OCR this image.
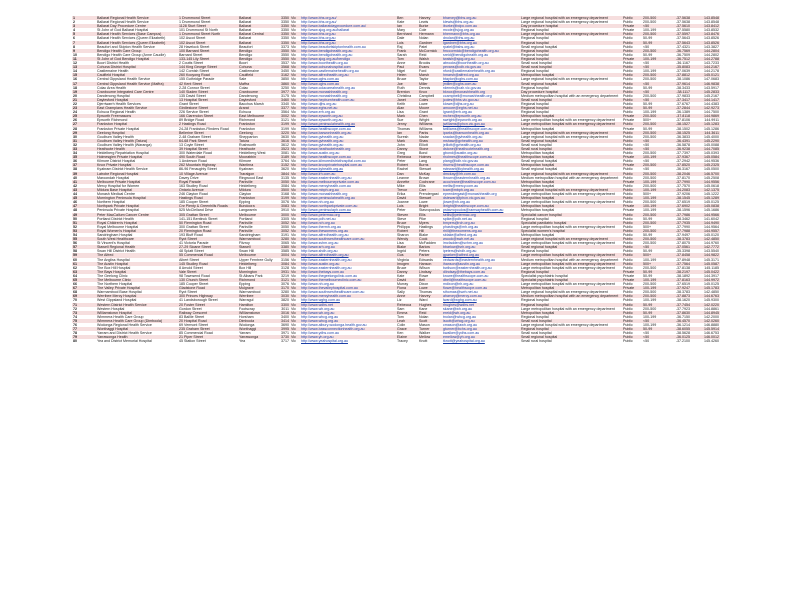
1	Ballarat Regional Health Service	1 Drummond Street	Ballarat	3350	Vic	http://www.bhs.org.au/	Ben	Harvey	bharvey@bhs.org.au	Large regional hospital with an emergency department	Public	200-500	-37.5638	143.8548
2	Ballarat Regional Health Service	1 Drummond Street	Ballarat	3350	Vic	http://www.bhs.org.au/	Kate	Lewis	klewis@bhs.org.au	Large regional hospital with an emergency department	Public	200-500	-37.5638	143.8548
3	Ballarat Day Procedure Centre	1128 Sturt Street	Ballarat	3350	Vic	http://www.ballaratdayprocedure.com.au/	Ian	Burke	iburke@bdpc.com.au	Day procedure hospital	Private	<50	-37.5610	143.8412
4	St John of God Ballarat Hospital	101 Drummond St North	Ballarat	3350	Vic	http://www.sjog.org.au/ballarat	Mary	Cole	mcole@sjog.org.au	Regional hospital	Private	100-199	-37.5580	143.8532
5	Ballarat Health Services (Base Campus)	1 Drummond Street North	Ballarat Central	3350	Vic	http://www.bhs.org.au	Bernhard	Hermann	bhermann@bhs.org.au	Large regional hospital with an emergency department	Public	200-500	-37.5597	143.8476
6	Ballarat Health Services (Queen Elizabeth)	102 Ascot Street	Ballarat	3350	Vic	http://www.bhs.org.au	Dale	Nolan	dnolan@bhs.org.au	Regional hospital	Public	50-99	-37.5643	143.8526
7	Ballarat Health Services (Queen Elizabeth)	102 Ascot Street	Ballarat	3350	Vic	http://www.bhs.org.au	Lois	Gardner	lgardner@bhs.org.au	Regional hospital	Public	50-99	-37.5643	143.8526
8	Beaufort and Skipton Health Service	28 Havelock Street	Beaufort	3373	Vic	http://www.beaufortskiptonhealth.com.au	Raj	Patel	rpatel@bshs.org.au	Small regional hospital	Public	<50	-37.4321	143.3827
9	Bendigo Health Care Group	100 Barnard Street	Bendigo	3550	Vic	http://www.bendigohealth.org.au	Frank	McCormick	fmccormick@bendigohealth.org.au	Regional hospital	Public	200-500	-36.7569	144.2804
10	Bendigo Health Care Group (Anne Caudle)	Barnard Street	Bendigo	3550	Vic	http://www.bendigohealth.org.au	Sarah	Reid	sreid@bendigohealth.org.au	Regional hospital	Public	50-99	-36.7509	144.2802
11	St John of God Bendigo Hospital	133-145 Lily Street	Bendigo	3550	Vic	http://www.sjog.org.au/bendigo	Tom	Walsh	twalsh@sjog.org.au	Regional hospital	Private	100-199	-36.7512	144.2788
12	Boort District Health	2 Coutts Street	Boort	3537	Vic	http://www.boorthealth.org.au	Anne	Brooks	abrooks@boorthealth.org.au	Small rural hospital	Public	<50	-36.1167	143.7233
13	Cohuna District Hospital	144 King George Street	Cohuna	3568	Vic	http://www.cohunahospital.com	Paul	Evans	pevans@cdh.vic.gov.au	Small rural hospital	Public	<50	-35.8083	144.2167
14	Castlemaine Health	142 Cornish Street	Castlemaine	3450	Vic	http://www.castlemainehealth.org.au	Nigel	Ford	nford@castlemainehealth.org.au	Regional hospital	Public	100-199	-37.0639	144.2178
15	Caulfield Hospital	260 Kooyong Road	Caulfield	3162	Vic	http://www.alfredhealth.org.au	Helen	Marsh	hmarsh@alfred.org.au	Metropolitan hospital	Public	200-500	-37.8812	145.0121
16	Central Gippsland Health Service	155 Guthridge Parade	Sale	3850	Vic	http://www.cghs.com.au	Bruce	Taylor	btaylor@cghs.com.au	Large regional hospital with an emergency department	Public	200-500	-38.1086	147.0683
17	Central Gippsland Health Service (Maffra)	42 Kent Street	Maffra	3860	Vic	http://www.cghs.com.au	Joe	Miller	jmiller@cghs.com.au	Small regional hospital	Public	<50	-37.9614	146.9838
18	Colac Area Health	2-28 Connor Street	Colac	3250	Vic	http://www.colacareahealth.org.au	Ruth	Dennis	rdennis@cah.vic.gov.au	Regional hospital	Public	50-99	-38.3433	143.5917
19	Cranbourne Integrated Care Centre	140 Sladen Street	Cranbourne	3977	Vic	http://www.monashhealth.org	Brenton	Knox	bknox@monashhealth.org	Day procedure hospital	Public	<50	-38.1117	145.2833
20	Dandenong Hospital	135 David Street	Dandenong	3175	Vic	http://www.monashhealth.org	Christina	Campbell	ccampbell@monashhealth.org	Medium metropolitan hospital with an emergency department	Public	200-500	-37.9833	145.2167
21	Daylesford Hospital	13 Hospital Street	Daylesford	3460	Vic	http://www.hepburnhealth.com.au	Janet	Coles	jcoles@hhs.vic.gov.au	Small rural hospital	Public	<50	-37.3417	144.1417
22	Djerriwarrh Health Services	Grant Street	Bacchus Marsh	3340	Vic	http://www.djhs.org.au	Keith	Lowe	klowe@djhs.org.au	Regional hospital	Public	50-99	-37.6767	144.4383
23	East Grampians Health Service	Girdlestone Street	Ararat	3377	Vic	http://www.eghs.net.au	Alan	Moore	amoore@eghs.net.au	Regional hospital	Public	50-99	-37.2844	142.9273
24	Echuca Regional Health	226 Service Street	Echuca	3564	Vic	http://www.erh.org.au	Lisa	Grant	lgrant@erh.org.au	Regional hospital	Public	100-199	-36.1389	144.7500
25	Epworth Freemasons	166 Clarendon Street	East Melbourne	3002	Vic	http://www.epworth.org.au	Mark	Chen	mchen@epworth.org.au	Metropolitan hospital	Private	200-500	-37.8118	144.9869
26	Epworth Richmond	89 Bridge Road	Richmond	3121	Vic	http://www.epworth.org.au	Sue	Wright	swright@epworth.org.au	Large metropolitan hospital with an emergency department	Private	500+	-37.8106	144.9911
27	Frankston Hospital	2 Hastings Road	Frankston	3199	Vic	http://www.peninsulahealth.org.au	Jenny	Williams	jwilliams@phcn.vic.gov.au	Large metropolitan hospital with an emergency department	Public	200-500	-38.1527	145.1283
28	Frankston Private Hospital	24-28 Frankston-Flinders Road	Frankston	3199	Vic	http://www.healthscope.com.au	Thomas	Williams	twilliams@healthscope.com.au	Metropolitan hospital	Private	50-99	-38.1502	145.1286
29	Geelong Hospital	Bellerine Street	Geelong	3220	Vic	http://www.barwonhealth.org.au	Ian	Parks	iparks@barwonhealth.org.au	Large regional hospital with an emergency department	Public	200-500	-38.1525	144.3611
30	Goulburn Valley Health	2-48 Graham Street	Shepparton	3630	Vic	http://www.gvhealth.org.au	Suresh	Nadar	snadar@gvhealth.org.au	Large regional hospital with an emergency department	Public	200-500	-36.3833	145.4000
31	Goulburn Valley Health (Tatura)	64-68 Park Street	Tatura	3616	Vic	http://www.gvhealth.org.au	Mark	Shaw	mshaw@gvhealth.org.au	Small regional hospital	Public	<50	-36.4391	145.2290
32	Goulburn Valley Health (Waranga)	13 Coyle Street	Rushworth	3612	Vic	http://www.gvhealth.org.au	John	Elliott	jelliott@gvhealth.org.au	Small rural hospital	Public	<50	-36.5878	145.0088
33	Heathcote Health	39 Hospital Street	Heathcote	3523	Vic	http://www.heathcotehealth.org	Danny	Stone	dstone@heathcotehealth.org	Small rural hospital	Public	<50	-36.9238	144.7085
34	Heidelberg Repatriation Hospital	300 Waterdale Road	Heidelberg West	3081	Vic	http://www.austin.org.au	Greg	Bond	gbond@austin.org.au	Metropolitan hospital	Public	200-500	-37.7397	145.0393
35	Holmesglen Private Hospital	490 South Road	Moorabbin	3189	Vic	http://www.healthscope.com.au	Rebecca	Holmes	rholmes@healthscope.com.au	Metropolitan hospital	Private	100-199	-37.9367	145.0584
36	Kilmore District Hospital	1 Anderson Road	Kilmore	3764	Vic	http://www.kilmoredistricthospital.com.au	Peter	Lang	plang@kdh.vic.gov.au	Small regional hospital	Public	<50	-37.2942	144.9536
37	Knox Private Hospital	262 Mountain Highway	Wantirna	3152	Vic	http://www.knoxprivatehospital.com.au	Robert	Burns	rburns@healthscope.com.au	Metropolitan hospital	Private	200-500	-37.8520	145.2325
38	Kyabram District Health Service	86-96 Fenaughty Street	Kyabram	3620	Vic	http://www.kyhealth.org.au	Rachel	Stewart	rstewart@kyhealth.org.au	Small regional hospital	Public	<50	-36.3167	145.0500
39	Latrobe Regional Hospital	10 Village Avenue	Traralgon	3844	Vic	http://www.lrh.com.au	Dan	McKay	dmckay@lrh.com.au	Large regional hospital with an emergency department	Public	200-500	-38.2046	146.5700
40	Maroondah Hospital	Davey Drive	Ringwood East	3135	Vic	http://www.easternhealth.org.au	Leanne	Brown	lbrown@easternhealth.org.au	Medium metropolitan hospital with an emergency department	Public	200-500	-37.8170	145.2508
41	Melbourne Private Hospital	Royal Parade	Parkville	3050	Vic	http://www.melbourneprivate.com.au	Annette	Cochrane	acochrane@healthscope.com.au	Metropolitan hospital	Private	100-199	-37.7990	144.9556
42	Mercy Hospital for Women	163 Studley Road	Heidelberg	3084	Vic	http://www.mercyhealth.com.au	Mike	Ellis	mellis@mercy.com.au	Metropolitan hospital	Public	200-500	-37.7570	145.0618
43	Mildura Base Hospital	Ontario Avenue	Mildura	3500	Vic	http://www.mbph.org.au	Trevor	Carr	tcarr@mbph.org.au	Large regional hospital with an emergency department	Public	100-199	-34.2083	142.1375
44	Monash Medical Centre	246 Clayton Road	Clayton	3168	Vic	http://www.monashhealth.org	Erika	Prendergast	eprendergast@monashhealth.org	Large metropolitan hospital with an emergency department	Public	500+	-37.9206	145.1222
45	Mornington Peninsula Hospital	Hastings Road	Frankston	3199	Vic	http://www.peninsulahealth.org.au	David	Stewart	dstewart@phcn.vic.gov.au	Metropolitan hospital	Public	100-199	-38.1545	145.1289
46	Northern Hospital	185 Cooper Street	Epping	3076	Vic	http://www.nh.org.au	Joanne	Lowe	jlowe@nh.org.au	Large metropolitan hospital with an emergency department	Public	200-500	-37.6519	145.0125
47	Northpark Private Hospital	Cnr Plenty & Greenhills Roads	Bundoora	3083	Vic	http://www.northparkprivate.com.au	Lois	Bright	lbright@healthscope.com.au	Metropolitan hospital	Private	100-199	-37.6902	145.0838
48	Peninsula Private Hospital	525 McClelland Drive	Langwarrin	3910	Vic	http://www.peninsulaph.com.au	Peter	Stavropoulos	pstavropoulos@ramsayhealth.com.au	Metropolitan hospital	Private	100-199	-38.1596	145.1686
49	Peter MacCallum Cancer Centre	305 Grattan Street	Melbourne	3000	Vic	http://www.petermac.org	Steven	Ellis	sellis@petermac.org	Specialist cancer hospital	Public	200-500	-37.7986	144.9566
50	Portland District Health	141-151 Bentinck Street	Portland	3305	Vic	http://www.pdh.net.au	Steve	Pike	spike@pdh.net.au	Regional hospital	Public	50-99	-38.3462	141.6042
51	Royal Children's Hospital	50 Flemington Road	Parkville	3052	Vic	http://www.rch.org.au	Bruce	Myers	bmyers@rch.org.au	Specialist paediatric hospital	Public	200-500	-37.7935	144.9490
52	Royal Melbourne Hospital	300 Grattan Street	Parkville	3050	Vic	http://www.thermh.org.au	Philippa	Hastings	phastings@mh.org.au	Large metropolitan hospital with an emergency department	Public	500+	-37.7990	144.9564
53	Royal Women's Hospital	20 Flemington Road	Parkville	3052	Vic	http://www.thewomens.org.au	Robert	Hill	rhill@thewomens.org.au	Specialist women's hospital	Public	200-500	-37.7988	144.9557
54	Sandringham Hospital	193 Bluff Road	Sandringham	3191	Vic	http://www.alfredhealth.org.au	Sharon	Blake	sblake@alfred.org.au	Metropolitan hospital	Public	50-99	-37.9497	145.0120
55	South West Healthcare	Ryot Street	Warrnambool	3280	Vic	http://www.southwesthealthcare.com.au	Wendy	Cook	wcook@swh.net.au	Large regional hospital with an emergency department	Public	200-500	-38.3783	142.4850
56	St Vincent's Hospital	41 Victoria Parade	Fitzroy	3065	Vic	http://www.svhm.org.au	Lisa	McFadden	lmcfadden@svhm.org.au	Large metropolitan hospital with an emergency department	Public	200-500	-37.8075	144.9760
57	Stawell Regional Health	27-29 Sloane Street	Stawell	3380	Vic	http://www.srh.org.au	Blake	Barlow	bbarlow@srh.org.au	Small regional hospital	Public	<50	-37.0561	142.7772
58	Swan Hill District Health	48 Splatt Street	Swan Hill	3585	Vic	http://www.shdh.org.au	Ingrid	Peters	ipeters@shdh.org.au	Regional hospital	Public	50-99	-35.3398	143.5540
59	The Alfred	55 Commercial Road	Melbourne	3004	Vic	http://www.alfredhealth.org.au	Gus	Parker	gparker@alfred.org.au	Large metropolitan hospital with an emergency department	Public	500+	-37.8458	144.9822
60	The Angliss Hospital	Albert Street	Upper Ferntree Gully	3156	Vic	http://www.easternhealth.org.au	Virginia	Edwards	vedwards@easternhealth.org.au	Medium metropolitan hospital with an emergency department	Public	100-199	-37.8948	145.3171
61	The Austin Hospital	145 Studley Road	Heidelberg	3084	Vic	http://www.austin.org.au	Imogen	Hanson	ihanson@austin.org.au	Large metropolitan hospital with an emergency department	Public	500+	-37.7564	145.0587
62	The Box Hill Hospital	8 Arnold Street	Box Hill	3128	Vic	http://www.easternhealth.org.au	Bruce	Wilson	bwilson@easternhealth.org.au	Large metropolitan hospital with an emergency department	Public	200-500	-37.8138	145.1185
63	The Bays Hospital	Vale Street	Mornington	3931	Vic	http://www.thebays.com.au	Danny	Lindsay	dlindsay@thebays.com.au	Regional hospital	Private	50-99	-38.2197	145.0422
64	The Geelong Clinic	98 Townsend Road	St Albans Park	3219	Vic	http://www.thegeelongclinic.com.au	Kate	Rowe	krowe@healthscope.com.au	Specialist psychiatric hospital	Private	50-99	-38.1892	144.3917
65	The Melbourne Clinic	130 Church Street	Richmond	3121	Vic	http://www.themelbourneclinic.com.au	David	Bell	dbell@healthscope.com.au	Specialist psychiatric hospital	Private	100-199	-37.8163	144.9972
66	The Northern Hospital	185 Cooper Street	Epping	3076	Vic	http://www.nh.org.au	Murray	Dixon	mdixon@nh.org.au	Large metropolitan hospital with an emergency department	Public	200-500	-37.6519	145.0125
67	The Valley Private Hospital	Gladstone Road	Mulgrave	3170	Vic	http://www.thevalleyhospital.com.au	Fiona	Lowe	flowe@healthscope.com.au	Metropolitan hospital	Private	100-199	-37.9247	145.1783
68	Warrnambool Base Hospital	Ryot Street	Warrnambool	3280	Vic	http://www.southwesthealthcare.com.au	Sally	Thomas	sthomas@swh.net.au	Large regional hospital with an emergency department	Public	200-500	-38.3783	142.4850
69	Werribee Mercy Hospital	300 Princes Highway	Werribee	3030	Vic	http://www.mercyhealth.com.au	Anne	Harvey	aharvey@mercy.com.au	Medium metropolitan hospital with an emergency department	Public	200-500	-37.8873	144.6763
70	West Gippsland Hospital	41 Landsborough Street	Warragul	3820	Vic	http://www.wghg.com.au	Liz	Ward	lward@wghg.com.au	Regional hospital	Public	100-199	-38.1620	145.9300
71	Western District Health Service	20 Foster Street	Hamilton	3300	Vic	http://www.wdhs.net	Rebecca	Hughes	rhughes@wdhs.net	Regional hospital	Public	50-99	-37.7454	142.0220
72	Western Hospital	Gordon Street	Footscray	3011	Vic	http://www.wh.org.au	Sam	Kane	skane@wh.org.au	Large metropolitan hospital with an emergency department	Public	200-500	-37.7923	144.8861
73	Williamstown Hospital	Railway Crescent	Williamstown	3016	Vic	http://www.wh.org.au	Emma	Reid	ereid@wh.org.au	Metropolitan hospital	Public	50-99	-37.8630	144.8945
74	Wimmera Health Care Group	83 Baillie Street	Horsham	3400	Vic	http://www.whcg.org.au	Tom	Nolan	tnolan@whcg.org.au	Regional hospital	Public	100-199	-36.7150	142.2000
75	Wimmera Health Care Group (Dimboola)	20 Hospital Road	Dimboola	3414	Vic	http://www.whcg.org.au	Leah	Scott	lscott@whcg.org.au	Small rural hospital	Public	<50	-36.4570	142.0260
76	Wodonga Regional Health Service	69 Vermont Street	Wodonga	3690	Vic	http://www.albury-wodonga.health.gov.au	Colin	Mason	cmason@awh.org.au	Large regional hospital with an emergency department	Public	100-199	-36.1214	146.8880
77	Wonthaggi Hospital	235 Graham Street	Wonthaggi	3995	Vic	http://www.bassconnectionhealth.org.au	Grace	Turner	gturner@bchs.org.au	Regional hospital	Public	50-99	-38.6055	145.5914
78	Yarram and District Health Service	85 Commercial Road	Yarram	3971	Vic	http://www.ydhs.com.au	Ken	Walker	kwalker@ydhs.com.au	Small rural hospital	Public	<50	-38.5628	146.6753
79	Yarrawonga Health	21 Piper Street	Yarrawonga	3730	Vic	http://www.yh.org.au	Elaine	Mellow	emellow@yh.org.au	Small regional hospital	Public	<50	-36.0125	146.0012
80	Yea and District Memorial Hospital	45 Station Street	Yea	3717	Vic	http://www.yeahospital.org.au	Tracey	Knott	tknott@yeahospital.org.au	Small rural hospital	Public	<50	-37.2100	145.4260
